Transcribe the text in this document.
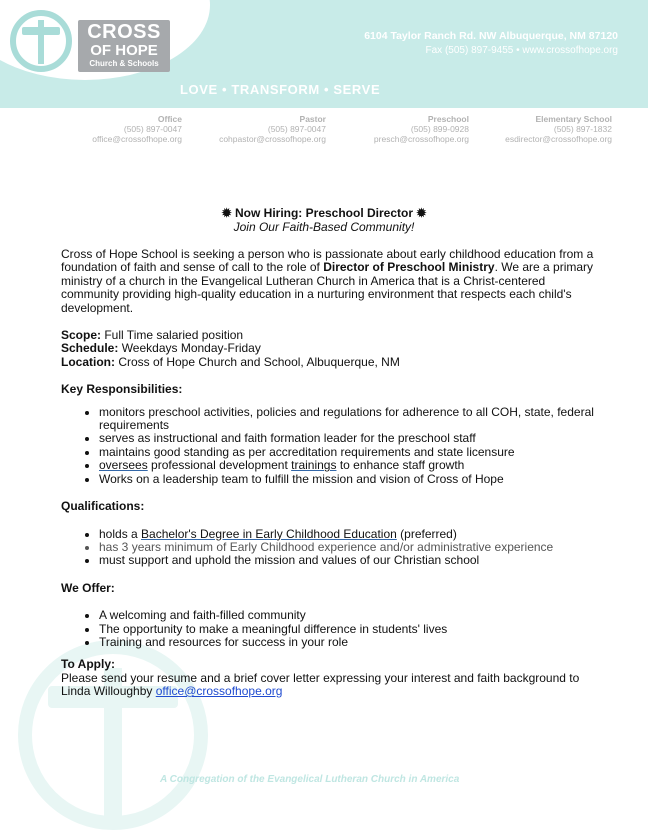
CROSS
OF HOPE
Church & Schools
6104 Taylor Ranch Rd. NW Albuquerque, NM 87120
Fax (505) 897-9455 • www.crossofhope.org
LOVE • TRANSFORM • SERVE
Office
(505) 897-0047
office@crossofhope.org
Pastor
(505) 897-0047
cohpastor@crossofhope.org
Preschool
(505) 899-0928
presch@crossofhope.org
Elementary School
(505) 897-1832
esdirector@crossofhope.org
A Congregation of the Evangelical Lutheran Church in America
✹ Now Hiring: Preschool Director ✹
Join Our Faith-Based Community!

Cross of Hope School is seeking a person who is passionate about early childhood education from a foundation of faith and sense of call to the role of Director of Preschool Ministry. We are a primary ministry of a church in the Evangelical Lutheran Church in America that is a Christ-centered community providing high-quality education in a nurturing environment that respects each child's development.

Scope: Full Time salaried position

Schedule: Weekdays Monday-Friday

Location: Cross of Hope Church and School, Albuquerque, NM

Key Responsibilities:

• monitors preschool activities, policies and regulations for adherence to all COH, state, federal requirements
• serves as instructional and faith formation leader for the preschool staff
• maintains good standing as per accreditation requirements and state licensure
• oversees professional development trainings to enhance staff growth
• Works on a leadership team to fulfill the mission and vision of Cross of Hope

Qualifications:

• holds a Bachelor's Degree in Early Childhood Education (preferred)
• has 3 years minimum of Early Childhood experience and/or administrative experience
• must support and uphold the mission and values of our Christian school

We Offer:

• A welcoming and faith-filled community
• The opportunity to make a meaningful difference in students' lives
• Training and resources for success in your role

To Apply:

Please send your resume and a brief cover letter expressing your interest and faith background to Linda Willoughby office@crossofhope.org
